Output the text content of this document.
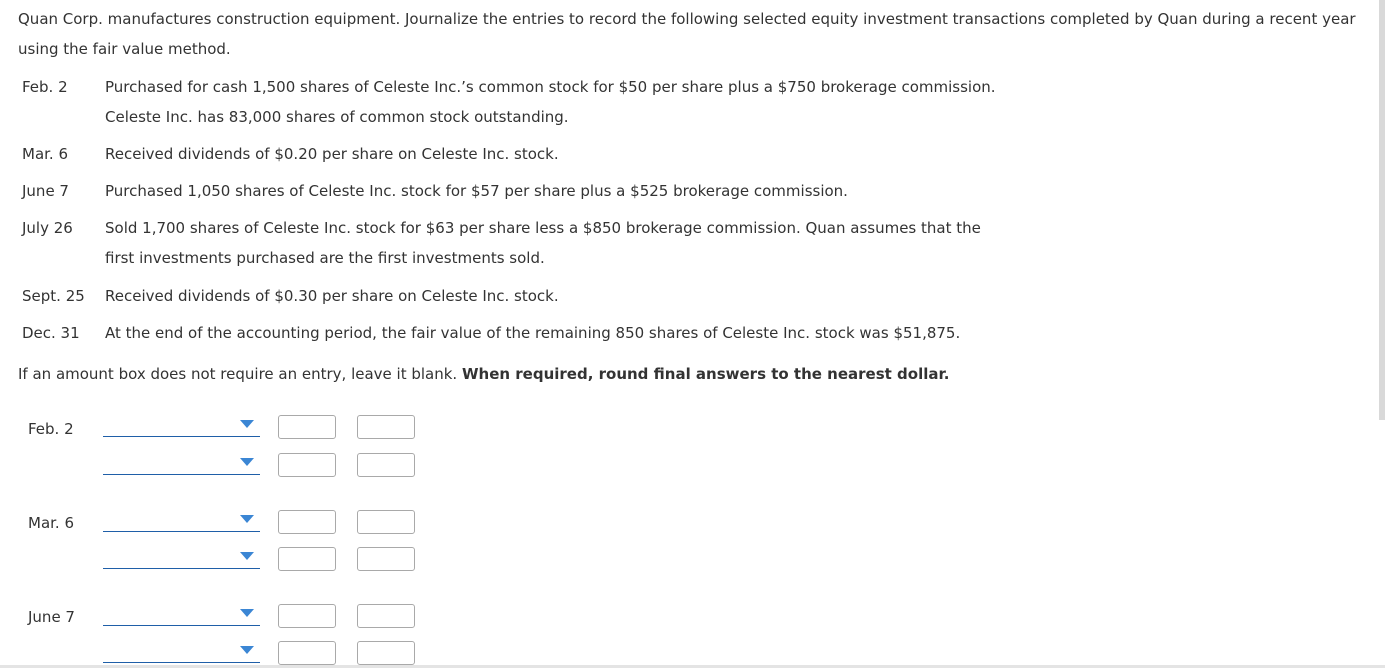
Quan Corp. manufactures construction equipment. Journalize the entries to record the following selected equity investment transactions completed by Quan during a recent year using the fair value method.
Feb. 2 Purchased for cash 1,500 shares of Celeste Inc.’s common stock for $50 per share plus a $750 brokerage commission.
Celeste Inc. has 83,000 shares of common stock outstanding.
Mar. 6 Received dividends of $0.20 per share on Celeste Inc. stock.
June 7 Purchased 1,050 shares of Celeste Inc. stock for $57 per share plus a $525 brokerage commission.
July 26 Sold 1,700 shares of Celeste Inc. stock for $63 per share less a $850 brokerage commission. Quan assumes that the
first investments purchased are the first investments sold.
Sept. 25 Received dividends of $0.30 per share on Celeste Inc. stock.
Dec. 31 At the end of the accounting period, the fair value of the remaining 850 shares of Celeste Inc. stock was $51,875.
If an amount box does not require an entry, leave it blank. When required, round final answers to the nearest dollar.
Feb. 2
Mar. 6
June 7
